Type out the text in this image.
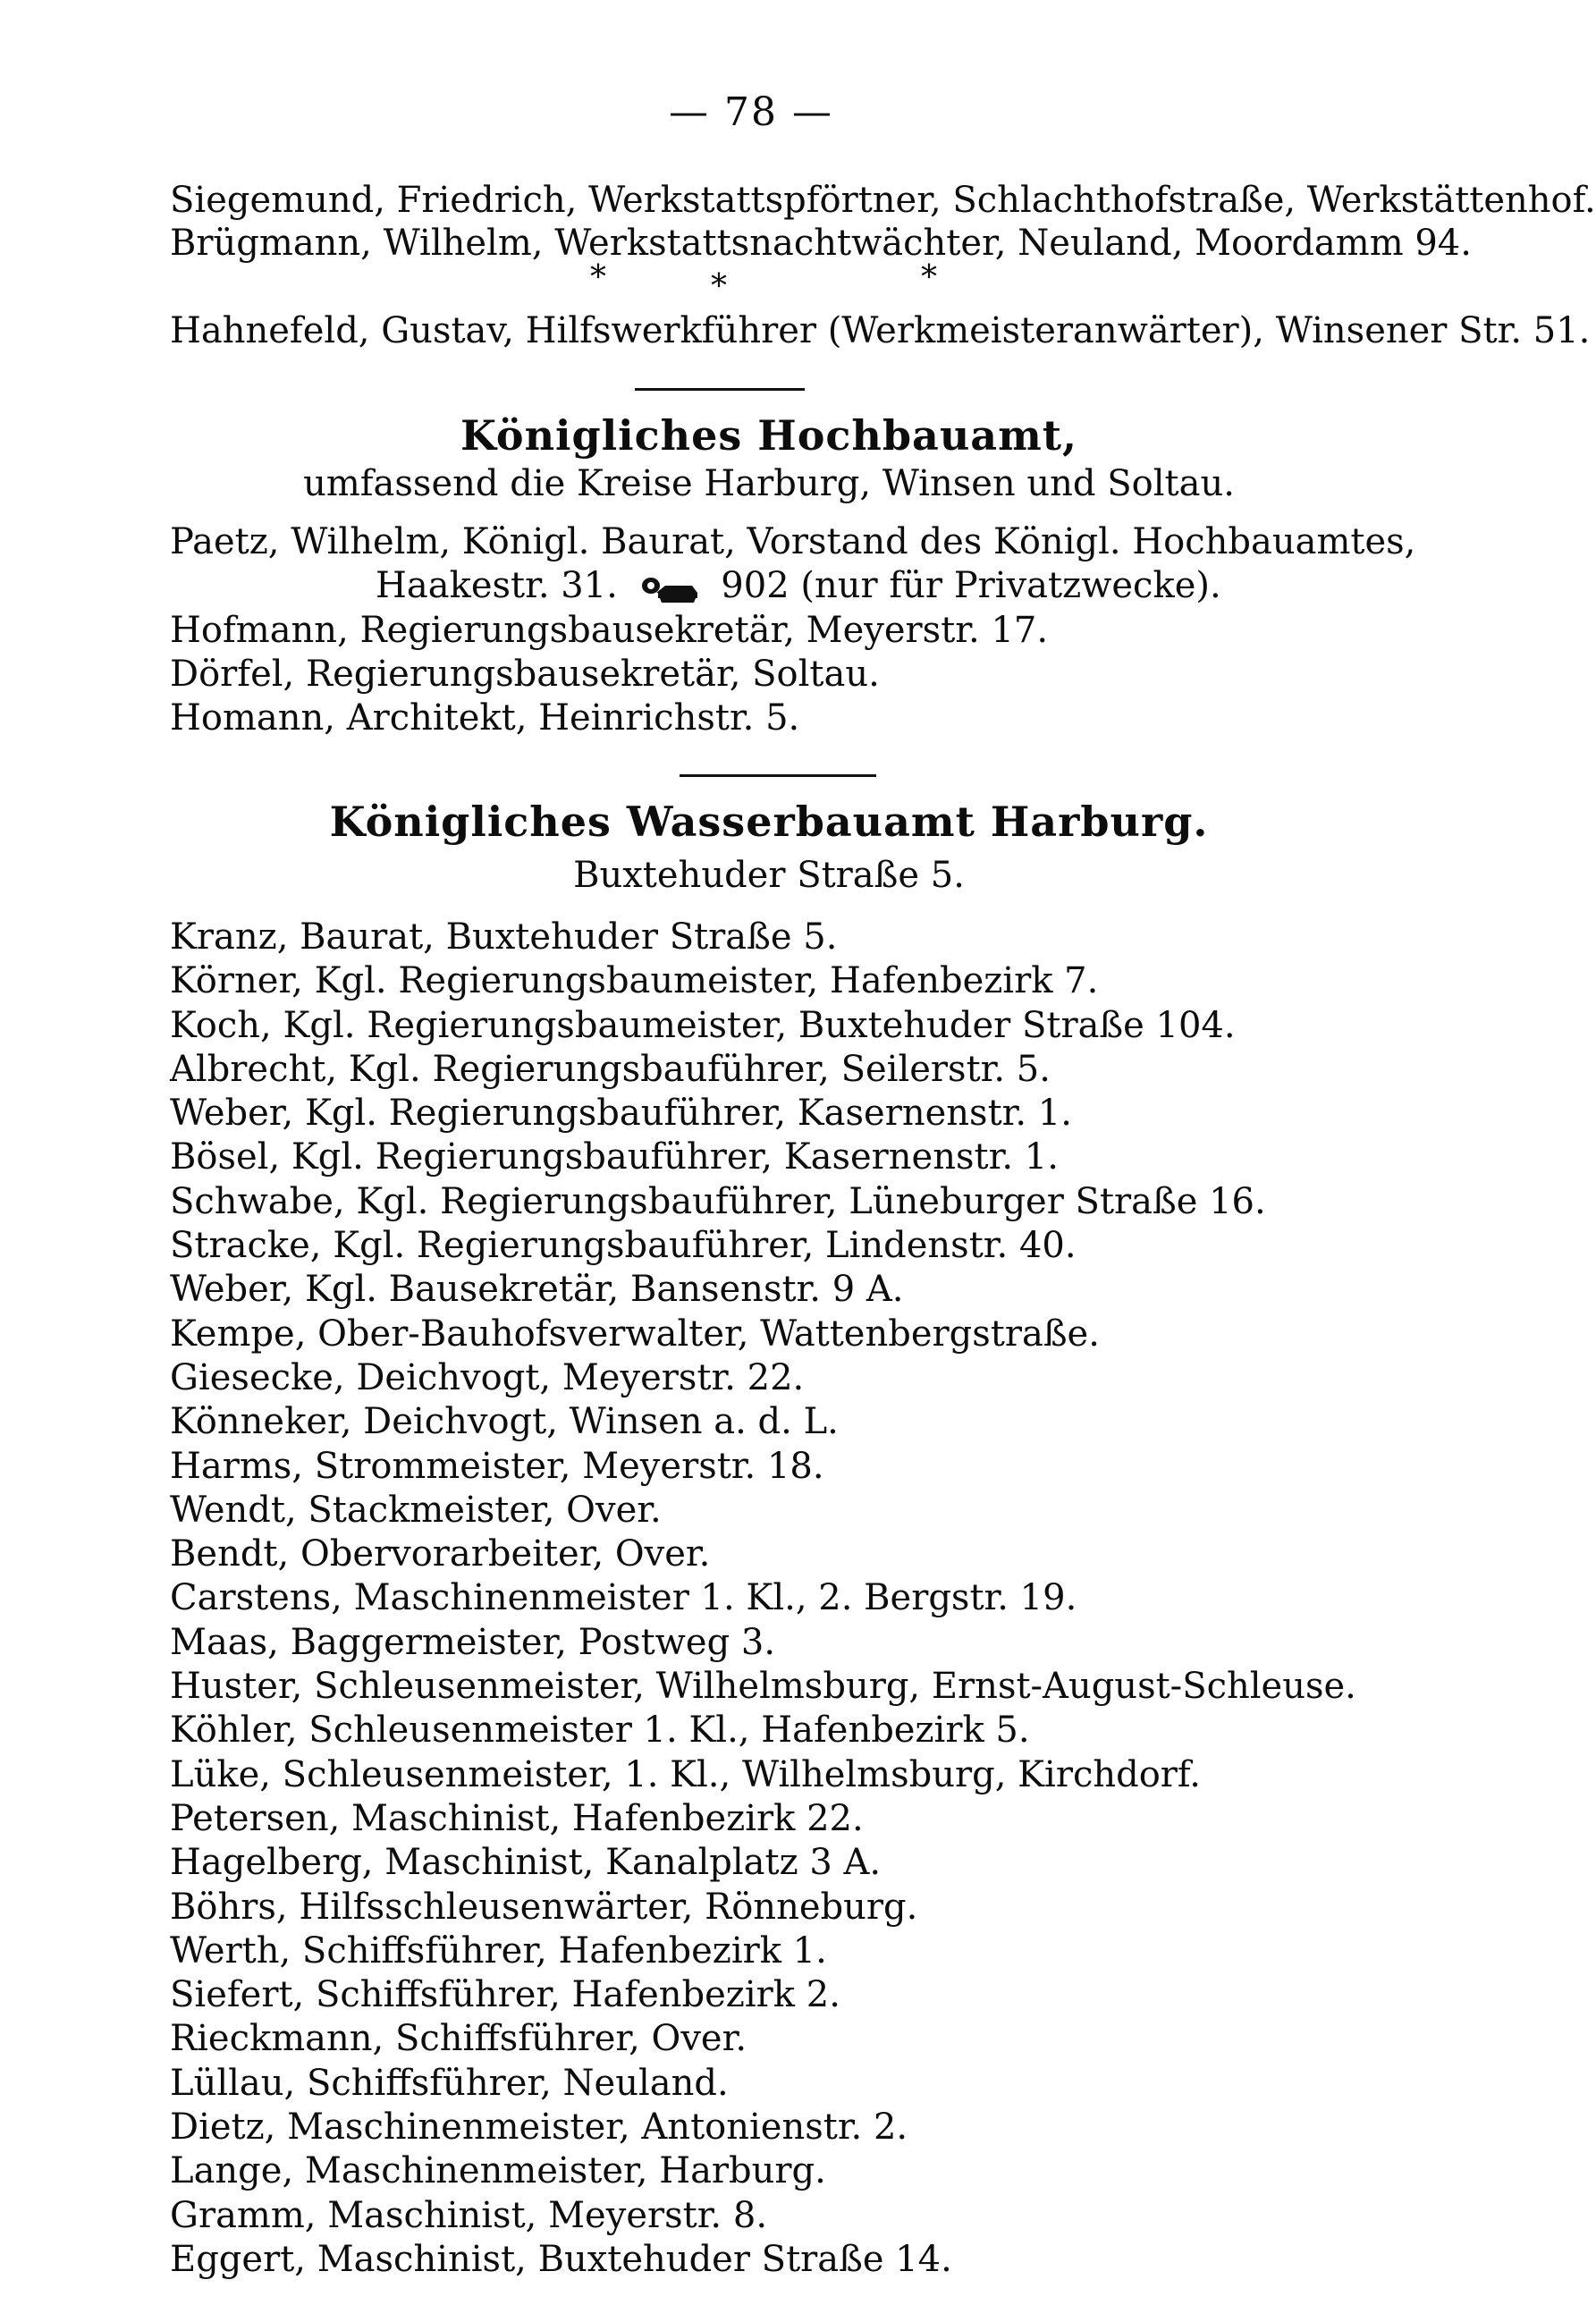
— 78 —
Siegemund, Friedrich, Werkstattspförtner, Schlachthofstraße, Werkstättenhof.
Brügmann, Wilhelm, Werkstattsnachtwächter, Neuland, Moordamm 94.
*	*	*
Hahnefeld, Gustav, Hilfswerkführer (Werkmeisteranwärter), Winsener Str. 51.
Königliches Hochbauamt,
umfassend die Kreise Harburg, Winsen und Soltau.
Paetz, Wilhelm, Königl. Baurat, Vorstand des Königl. Hochbauamtes,
Haakestr. 31.	902 (nur für Privatzwecke).
Hofmann, Regierungsbausekretär, Meyerstr. 17.
Dörfel, Regierungsbausekretär, Soltau.
Homann, Architekt, Heinrichstr. 5.
Königliches Wasserbauamt Harburg.
Buxtehuder Straße 5.
Kranz, Baurat, Buxtehuder Straße 5.
Körner, Kgl. Regierungsbaumeister, Hafenbezirk 7.
Koch, Kgl. Regierungsbaumeister, Buxtehuder Straße 104.
Albrecht, Kgl. Regierungsbauführer, Seilerstr. 5.
Weber, Kgl. Regierungsbauführer, Kasernenstr. 1.
Bösel, Kgl. Regierungsbauführer, Kasernenstr. 1.
Schwabe, Kgl. Regierungsbauführer, Lüneburger Straße 16.
Stracke, Kgl. Regierungsbauführer, Lindenstr. 40.
Weber, Kgl. Bausekretär, Bansenstr. 9 A.
Kempe, Ober-Bauhofsverwalter, Wattenbergstraße.
Giesecke, Deichvogt, Meyerstr. 22.
Könneker, Deichvogt, Winsen a. d. L.
Harms, Strommeister, Meyerstr. 18.
Wendt, Stackmeister, Over.
Bendt, Obervorarbeiter, Over.
Carstens, Maschinenmeister 1. Kl., 2. Bergstr. 19.
Maas, Baggermeister, Postweg 3.
Huster, Schleusenmeister, Wilhelmsburg, Ernst-August-Schleuse.
Köhler, Schleusenmeister 1. Kl., Hafenbezirk 5.
Lüke, Schleusenmeister, 1. Kl., Wilhelmsburg, Kirchdorf.
Petersen, Maschinist, Hafenbezirk 22.
Hagelberg, Maschinist, Kanalplatz 3 A.
Böhrs, Hilfsschleusenwärter, Rönneburg.
Werth, Schiffsführer, Hafenbezirk 1.
Siefert, Schiffsführer, Hafenbezirk 2.
Rieckmann, Schiffsführer, Over.
Lüllau, Schiffsführer, Neuland.
Dietz, Maschinenmeister, Antonienstr. 2.
Lange, Maschinenmeister, Harburg.
Gramm, Maschinist, Meyerstr. 8.
Eggert, Maschinist, Buxtehuder Straße 14.
